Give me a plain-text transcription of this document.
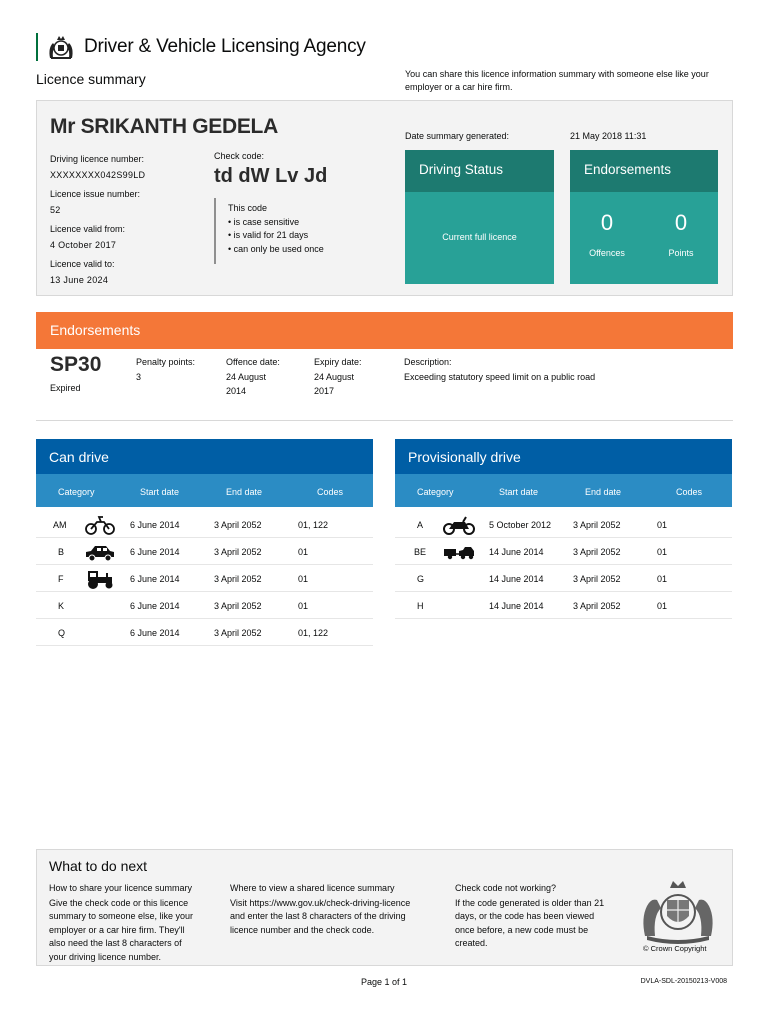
Driver & Vehicle Licensing Agency
Licence summary	You can share this licence information summary with someone else like your employer or a car hire firm.
Mr SRIKANTH GEDELA
Driving licence number:
XXXXXXXX042S99LD
Licence issue number:
52
Licence valid from:
4 October 2017
Licence valid to:
13 June 2024
Check code:
td dW Lv Jd
This code
• is case sensitive
• is valid for 21 days
• can only be used once
Date summary generated:	21 May 2018 11:31
Driving Status
Current full licence
Endorsements
0
Offences
0
Points
Endorsements
SP30
Expired
Penalty points:
3
Offence date:
24 August
2014
Expiry date:
24 August
2017
Description:
Exceeding statutory speed limit on a public road
Can drive
Category	Start date	End date	Codes
AM	6 June 2014	3 April 2052	01, 122
B	6 June 2014	3 April 2052	01
F	6 June 2014	3 April 2052	01
K	6 June 2014	3 April 2052	01
Q	6 June 2014	3 April 2052	01, 122
Provisionally drive
Category	Start date	End date	Codes
A	5 October 2012 3 April 2052	01
BE	14 June 2014	3 April 2052	01
G	14 June 2014	3 April 2052	01
H	14 June 2014	3 April 2052	01
What to do next
How to share your licence summary
Give the check code or this licence
summary to someone else, like your
employer or a car hire firm. They'll
also need the last 8 characters of
your driving licence number.
Where to view a shared licence summary
Visit https://www.gov.uk/check-driving-licence
and enter the last 8 characters of the driving
licence number and the check code.
Check code not working?
If the code generated is older than 21
days, or the code has been viewed
once before, a new code must be
created.
© Crown Copyright
Page 1 of 1	DVLA-SDL-20150213-V008
